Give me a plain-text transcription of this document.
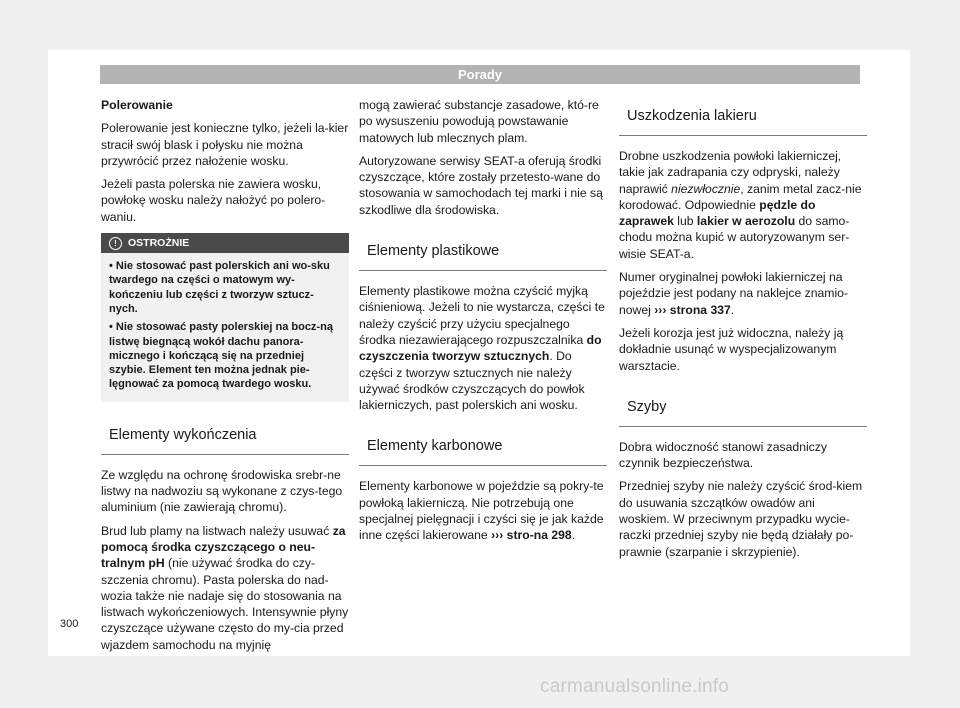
Porady

Polerowanie

Polerowanie jest konieczne tylko, jeżeli la-kier stracił swój blask i połysku nie można przywrócić przez nałożenie wosku.

Jeżeli pasta polerska nie zawiera wosku, powłokę wosku należy nałożyć po polero-waniu.

! OSTROŻNIE

• Nie stosować past polerskich ani wo-sku twardego na części o matowym wy-kończeniu lub części z tworzyw sztucz-nych.

• Nie stosować pasty polerskiej na bocz-ną listwę biegnącą wokół dachu panora-micznego i kończącą się na przedniej szybie. Element ten można jednak pie-lęgnować za pomocą twardego wosku.

Elementy wykończenia

Ze względu na ochronę środowiska srebr-ne listwy na nadwoziu są wykonane z czys-tego aluminium (nie zawierają chromu).

Brud lub plamy na listwach należy usuwać za pomocą środka czyszczącego o neu-tralnym pH (nie używać środka do czy-szczenia chromu). Pasta polerska do nad-wozia także nie nadaje się do stosowania na listwach wykończeniowych. Intensywnie płyny czyszczące używane często do my-cia przed wjazdem samochodu na myjnię

mogą zawierać substancje zasadowe, któ-re po wysuszeniu powodują powstawanie matowych lub mlecznych plam.

Autoryzowane serwisy SEAT-a oferują środki czyszczące, które zostały przetesto-wane do stosowania w samochodach tej marki i nie są szkodliwe dla środowiska.

Elementy plastikowe

Elementy plastikowe można czyścić myjką ciśnieniową. Jeżeli to nie wystarcza, części te należy czyścić przy użyciu specjalnego środka niezawierającego rozpuszczalnika do czyszczenia tworzyw sztucznych. Do części z tworzyw sztucznych nie należy używać środków czyszczących do powłok lakierniczych, past polerskich ani wosku.

Elementy karbonowe

Elementy karbonowe w pojeździe są pokry-te powłoką lakierniczą. Nie potrzebują one specjalnej pielęgnacji i czyści się je jak każde inne części lakierowane ››› stro-na 298.

Uszkodzenia lakieru

Drobne uszkodzenia powłoki lakierniczej, takie jak zadrapania czy odpryski, należy naprawić niezwłocznie, zanim metal zacz-nie korodować. Odpowiednie pędzle do zaprawek lub lakier w aerozolu do samo-chodu można kupić w autoryzowanym ser-wisie SEAT-a.

Numer oryginalnej powłoki lakierniczej na pojeździe jest podany na naklejce znamio-nowej ››› strona 337.

Jeżeli korozja jest już widoczna, należy ją dokładnie usunąć w wyspecjalizowanym warsztacie.

Szyby

Dobra widoczność stanowi zasadniczy czynnik bezpieczeństwa.

Przedniej szyby nie należy czyścić środ-kiem do usuwania szczątków owadów ani woskiem. W przeciwnym przypadku wycie-raczki przedniej szyby nie będą działały po-prawnie (szarpanie i skrzypienie).

300
carmanualsonline.info
